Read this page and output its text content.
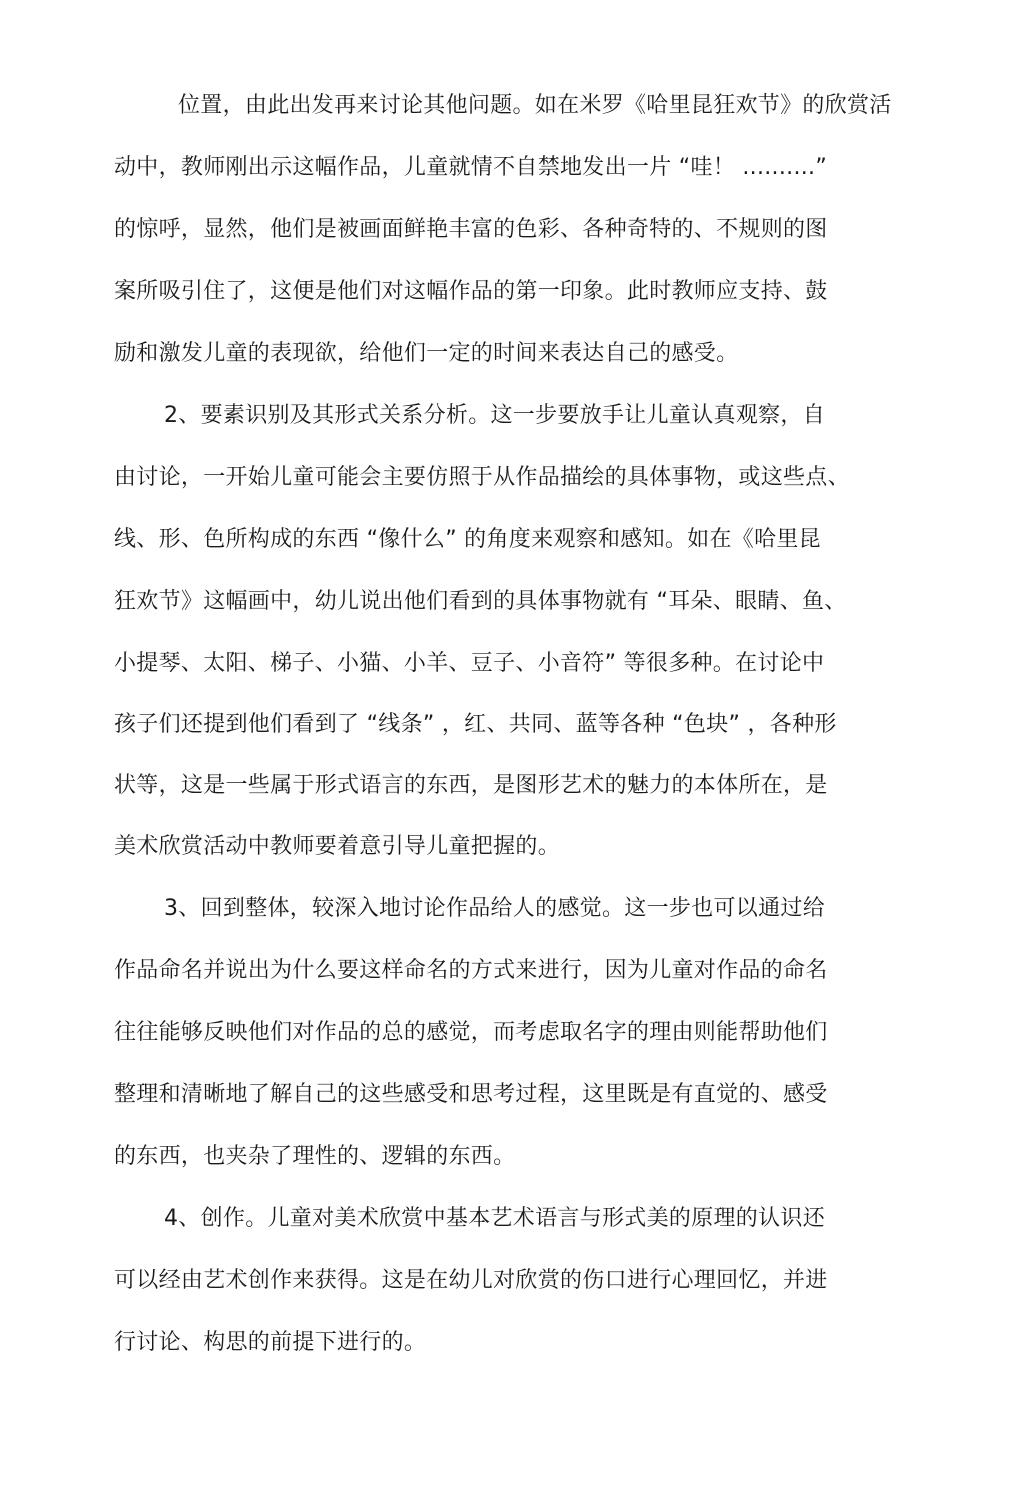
位置，由此出发再来讨论其他问题。如在米罗《哈里昆狂欢节》的欣赏活
动中，教师刚出示这幅作品，儿童就情不自禁地发出一片 “哇！ ..........”
的惊呼，显然，他们是被画面鲜艳丰富的色彩、各种奇特的、不规则的图
案所吸引住了，这便是他们对这幅作品的第一印象。此时教师应支持、鼓
励和激发儿童的表现欲，给他们一定的时间来表达自己的感受。
2、要素识别及其形式关系分析。这一步要放手让儿童认真观察，自
由讨论，一开始儿童可能会主要仿照于从作品描绘的具体事物，或这些点、
线、形、色所构成的东西 “像什么” 的角度来观察和感知。如在《哈里昆
狂欢节》这幅画中，幼儿说出他们看到的具体事物就有 “耳朵、眼睛、鱼、
小提琴、太阳、梯子、小猫、小羊、豆子、小音符” 等很多种。在讨论中
孩子们还提到他们看到了 “线条” ，红、共同、蓝等各种 “色块” ，各种形
状等，这是一些属于形式语言的东西，是图形艺术的魅力的本体所在，是
美术欣赏活动中教师要着意引导儿童把握的。
3、回到整体，较深入地讨论作品给人的感觉。这一步也可以通过给
作品命名并说出为什么要这样命名的方式来进行，因为儿童对作品的命名
往往能够反映他们对作品的总的感觉，而考虑取名字的理由则能帮助他们
整理和清晰地了解自己的这些感受和思考过程，这里既是有直觉的、感受
的东西，也夹杂了理性的、逻辑的东西。
4、创作。儿童对美术欣赏中基本艺术语言与形式美的原理的认识还
可以经由艺术创作来获得。这是在幼儿对欣赏的伤口进行心理回忆，并进
行讨论、构思的前提下进行的。
